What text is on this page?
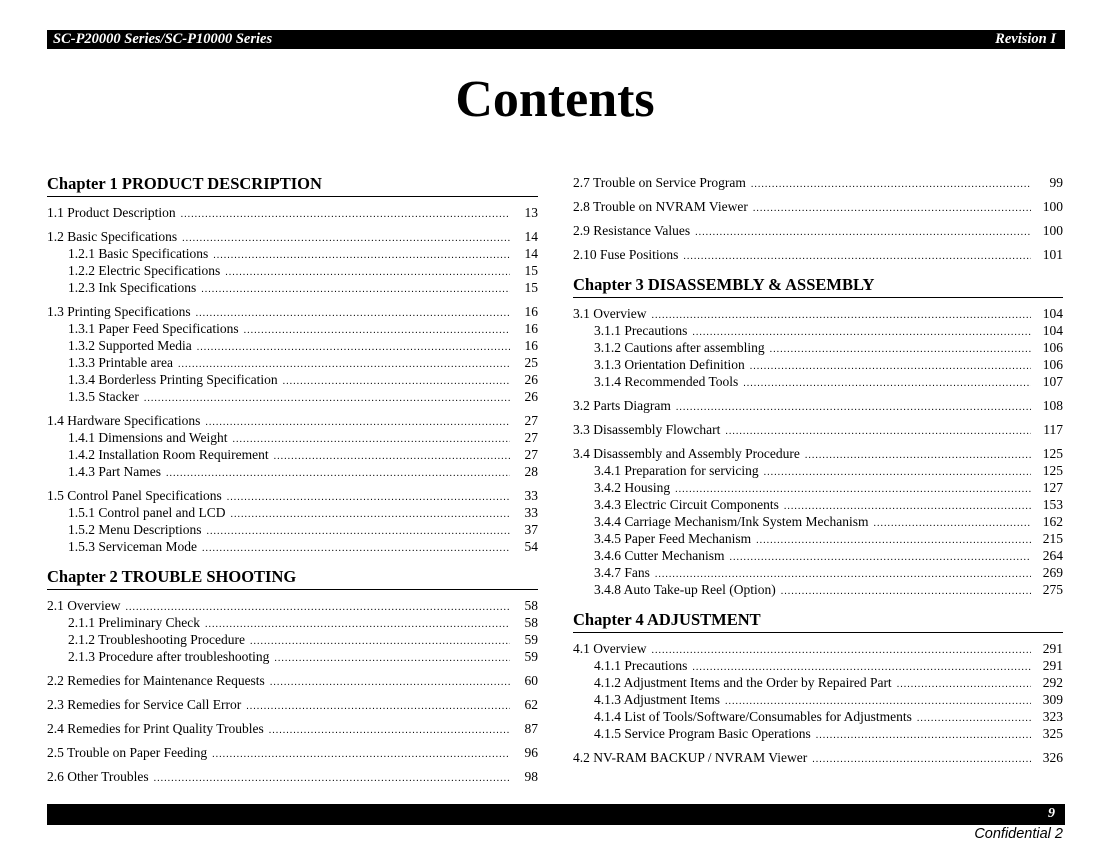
SC-P20000 Series/SC-P10000 Series	Revision I
Contents
Chapter 1 PRODUCT DESCRIPTION
1.1 Product Description .....	13
1.2 Basic Specifications .....	14
1.2.1 Basic Specifications .....	14
1.2.2 Electric Specifications .....	15
1.2.3 Ink Specifications .....	15
1.3 Printing Specifications .....	16
1.3.1 Paper Feed Specifications .....	16
1.3.2 Supported Media .....	16
1.3.3 Printable area .....	25
1.3.4 Borderless Printing Specification .....	26
1.3.5 Stacker .....	26
1.4 Hardware Specifications .....	27
1.4.1 Dimensions and Weight .....	27
1.4.2 Installation Room Requirement .....	27
1.4.3 Part Names .....	28
1.5 Control Panel Specifications .....	33
1.5.1 Control panel and LCD .....	33
1.5.2 Menu Descriptions .....	37
1.5.3 Serviceman Mode .....	54
Chapter 2 TROUBLE SHOOTING
2.1 Overview .....	58
2.1.1 Preliminary Check .....	58
2.1.2 Troubleshooting Procedure .....	59
2.1.3 Procedure after troubleshooting .....	59
2.2 Remedies for Maintenance Requests .....	60
2.3 Remedies for Service Call Error .....	62
2.4 Remedies for Print Quality Troubles .....	87
2.5 Trouble on Paper Feeding .....	96
2.6 Other Troubles .....	98
2.7 Trouble on Service Program .....	99
2.8 Trouble on NVRAM Viewer .....	100
2.9 Resistance Values .....	100
2.10 Fuse Positions .....	101
Chapter 3 DISASSEMBLY & ASSEMBLY
3.1 Overview .....	104
3.1.1 Precautions .....	104
3.1.2 Cautions after assembling .....	106
3.1.3 Orientation Definition .....	106
3.1.4 Recommended Tools .....	107
3.2 Parts Diagram .....	108
3.3 Disassembly Flowchart .....	117
3.4 Disassembly and Assembly Procedure .....	125
3.4.1 Preparation for servicing .....	125
3.4.2 Housing .....	127
3.4.3 Electric Circuit Components .....	153
3.4.4 Carriage Mechanism/Ink System Mechanism .....	162
3.4.5 Paper Feed Mechanism .....	215
3.4.6 Cutter Mechanism .....	264
3.4.7 Fans .....	269
3.4.8 Auto Take-up Reel (Option) .....	275
Chapter 4 ADJUSTMENT
4.1 Overview .....	291
4.1.1 Precautions .....	291
4.1.2 Adjustment Items and the Order by Repaired Part .....	292
4.1.3 Adjustment Items .....	309
4.1.4 List of Tools/Software/Consumables for Adjustments .....	323
4.1.5 Service Program Basic Operations .....	325
4.2 NV-RAM BACKUP / NVRAM Viewer .....	326
9
Confidential 2
